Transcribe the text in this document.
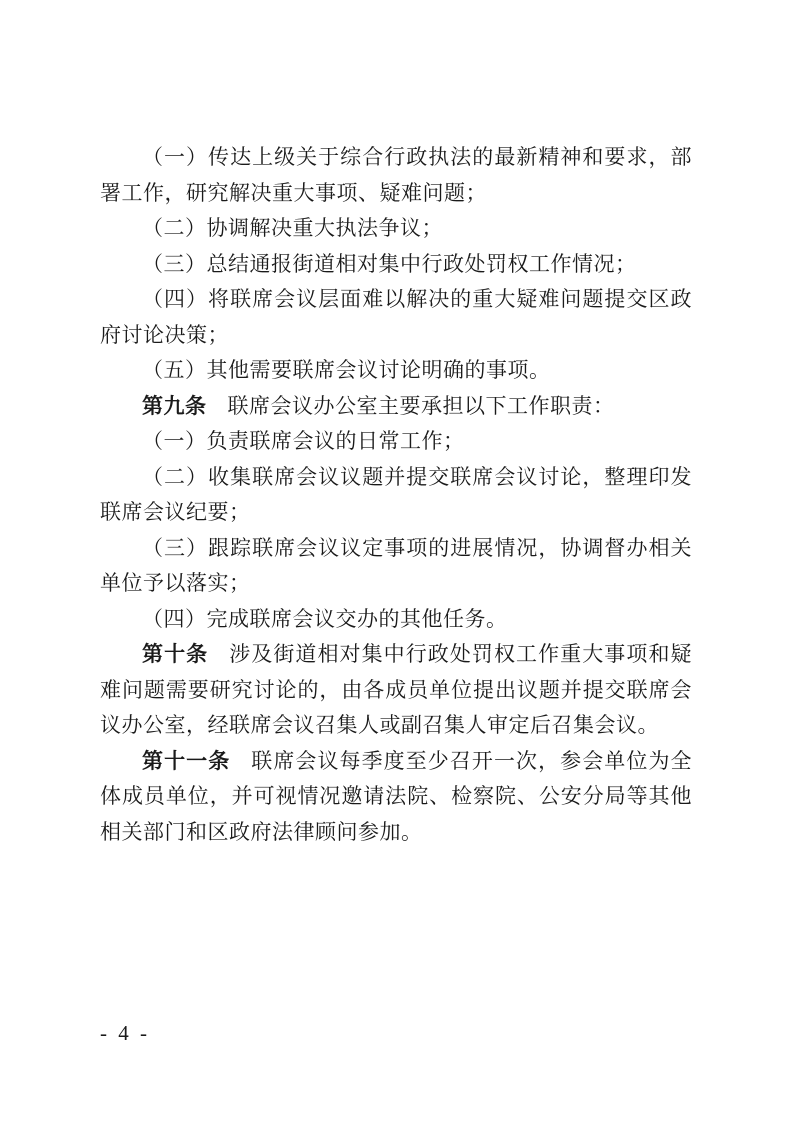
（一）传达上级关于综合行政执法的最新精神和要求，部署工作，研究解决重大事项、疑难问题；

（二）协调解决重大执法争议；

（三）总结通报街道相对集中行政处罚权工作情况；

（四）将联席会议层面难以解决的重大疑难问题提交区政府讨论决策；

（五）其他需要联席会议讨论明确的事项。

第九条 联席会议办公室主要承担以下工作职责：

（一）负责联席会议的日常工作；

（二）收集联席会议议题并提交联席会议讨论，整理印发联席会议纪要；

（三）跟踪联席会议议定事项的进展情况，协调督办相关单位予以落实；

（四）完成联席会议交办的其他任务。

第十条 涉及街道相对集中行政处罚权工作重大事项和疑难问题需要研究讨论的，由各成员单位提出议题并提交联席会议办公室，经联席会议召集人或副召集人审定后召集会议。

第十一条 联席会议每季度至少召开一次，参会单位为全体成员单位，并可视情况邀请法院、检察院、公安分局等其他相关部门和区政府法律顾问参加。

- 4 -
